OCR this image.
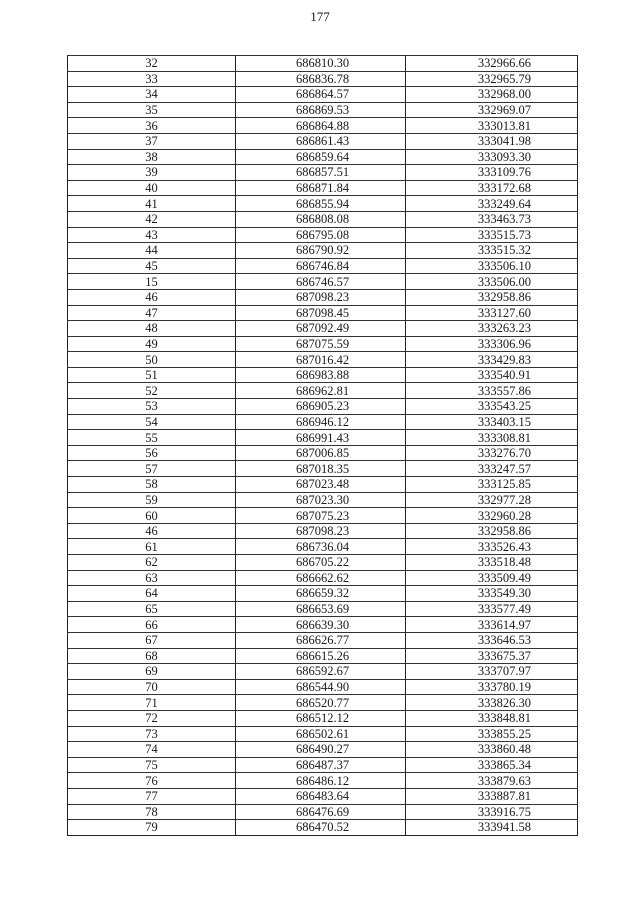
177
32	686810.30	332966.66
33	686836.78	332965.79
34	686864.57	332968.00
35	686869.53	332969.07
36	686864.88	333013.81
37	686861.43	333041.98
38	686859.64	333093.30
39	686857.51	333109.76
40	686871.84	333172.68
41	686855.94	333249.64
42	686808.08	333463.73
43	686795.08	333515.73
44	686790.92	333515.32
45	686746.84	333506.10
15	686746.57	333506.00
46	687098.23	332958.86
47	687098.45	333127.60
48	687092.49	333263.23
49	687075.59	333306.96
50	687016.42	333429.83
51	686983.88	333540.91
52	686962.81	333557.86
53	686905.23	333543.25
54	686946.12	333403.15
55	686991.43	333308.81
56	687006.85	333276.70
57	687018.35	333247.57
58	687023.48	333125.85
59	687023.30	332977.28
60	687075.23	332960.28
46	687098.23	332958.86
61	686736.04	333526.43
62	686705.22	333518.48
63	686662.62	333509.49
64	686659.32	333549.30
65	686653.69	333577.49
66	686639.30	333614.97
67	686626.77	333646.53
68	686615.26	333675.37
69	686592.67	333707.97
70	686544.90	333780.19
71	686520.77	333826.30
72	686512.12	333848.81
73	686502.61	333855.25
74	686490.27	333860.48
75	686487.37	333865.34
76	686486.12	333879.63
77	686483.64	333887.81
78	686476.69	333916.75
79	686470.52	333941.58
